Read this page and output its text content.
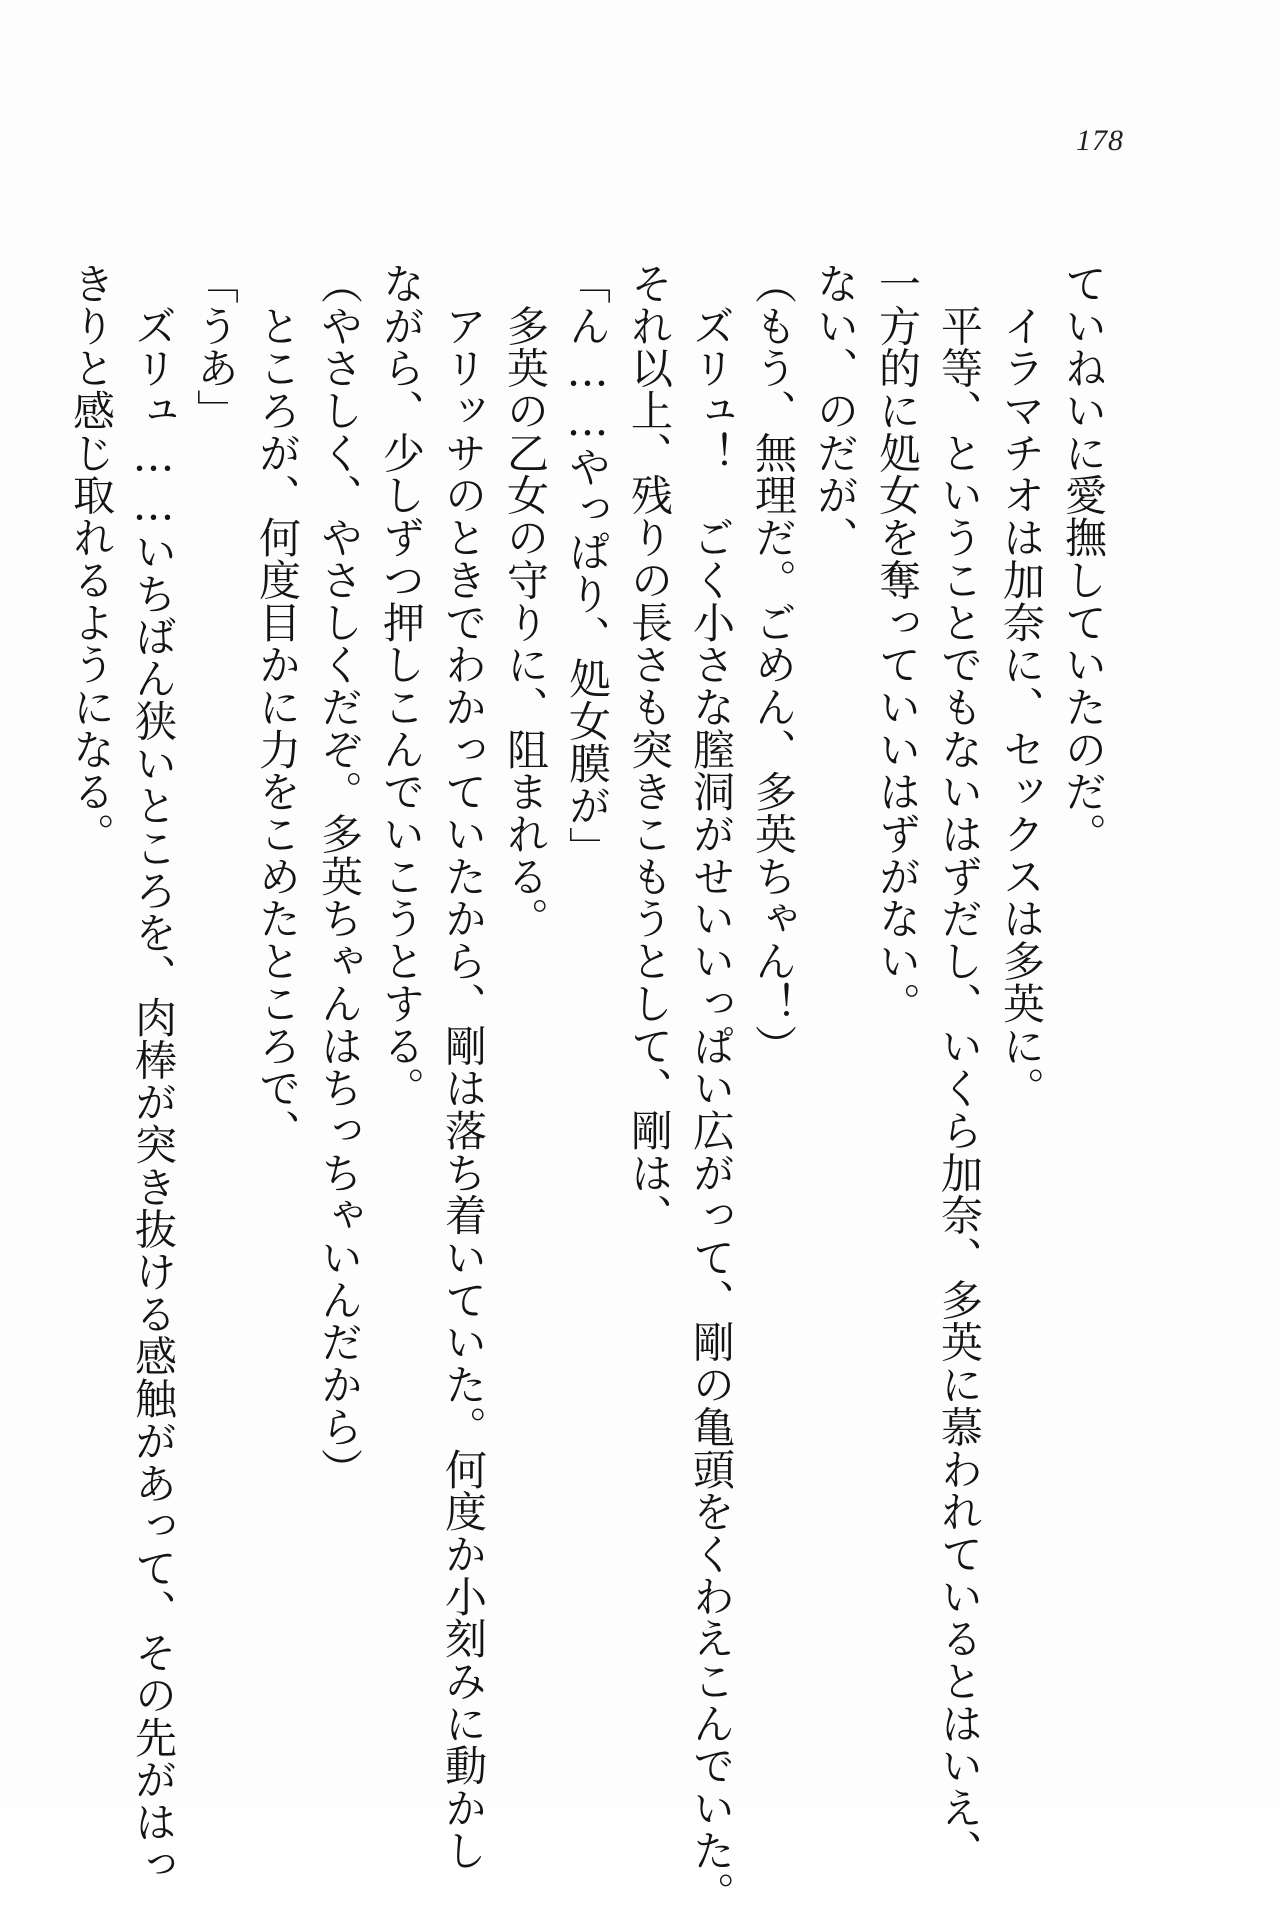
178
ていねいに愛撫していたのだ。
　イラマチオは加奈に、セックスは多英に。
　平等、ということでもないはずだし、いくら加奈、多英に慕われているとはいえ、
一方的に処女を奪っていいはずがない。
ない、のだが、
（もう、無理だ。ごめん、多英ちゃん！）
　ズリュ！　ごく小さな膣洞がせいいっぱい広がって、剛の亀頭をくわえこんでいた。
それ以上、残りの長さも突きこもうとして、剛は、
「ん……やっぱり、処女膜が」
　多英の乙女の守りに、阻まれる。
　アリッサのときでわかっていたから、剛は落ち着いていた。何度か小刻みに動かし
ながら、少しずつ押しこんでいこうとする。
（やさしく、やさしくだぞ。多英ちゃんはちっちゃいんだから）
　ところが、何度目かに力をこめたところで、
「うあ」
　ズリュ……いちばん狭いところを、肉棒が突き抜ける感触があって、その先がはっ
きりと感じ取れるようになる。
